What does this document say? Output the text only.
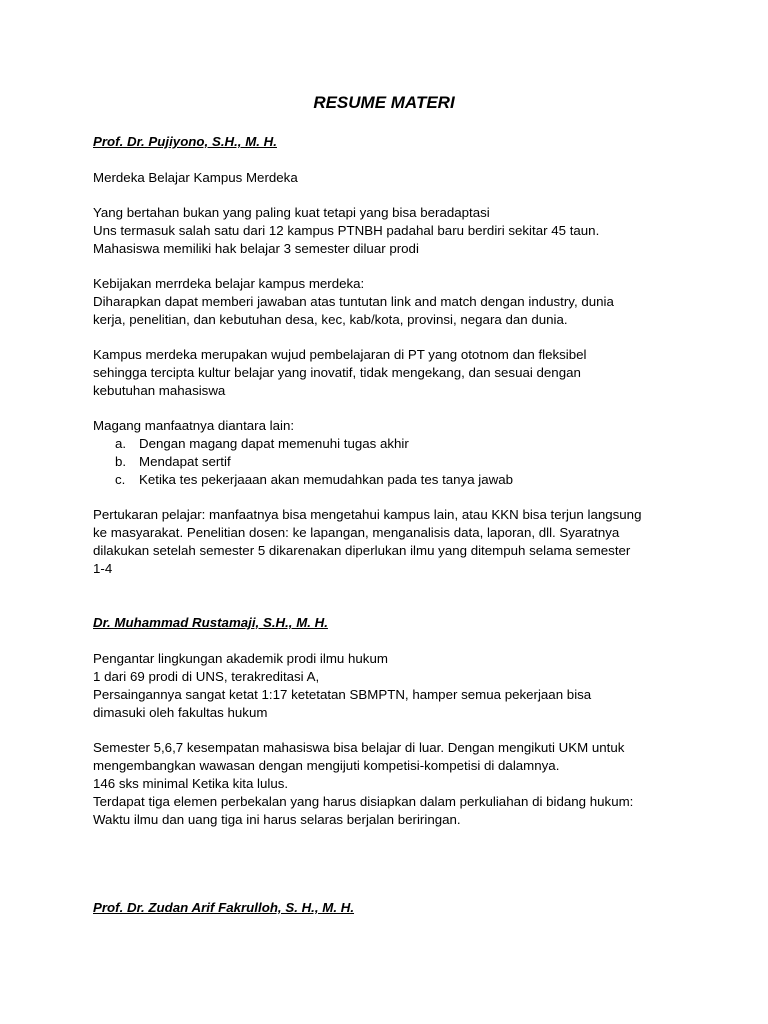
RESUME MATERI
Prof. Dr. Pujiyono, S.H., M. H.
Merdeka Belajar Kampus Merdeka
Yang bertahan bukan yang paling kuat tetapi yang bisa beradaptasi
Uns termasuk salah satu dari 12 kampus PTNBH padahal baru berdiri sekitar 45 taun.
Mahasiswa memiliki hak belajar 3 semester diluar prodi
Kebijakan merrdeka belajar kampus merdeka:
Diharapkan dapat memberi jawaban atas tuntutan link and match dengan industry, dunia
kerja, penelitian, dan kebutuhan desa, kec, kab/kota, provinsi, negara dan dunia.
Kampus merdeka merupakan wujud pembelajaran di PT yang ototnom dan fleksibel
sehingga tercipta kultur belajar yang inovatif, tidak mengekang, dan sesuai dengan
kebutuhan mahasiswa
Magang manfaatnya diantara lain:
a. Dengan magang dapat memenuhi tugas akhir
b. Mendapat sertif
c. Ketika tes pekerjaaan akan memudahkan pada tes tanya jawab
Pertukaran pelajar: manfaatnya bisa mengetahui kampus lain, atau KKN bisa terjun langsung
ke masyarakat. Penelitian dosen: ke lapangan, menganalisis data, laporan, dll. Syaratnya
dilakukan setelah semester 5 dikarenakan diperlukan ilmu yang ditempuh selama semester
1-4
Dr. Muhammad Rustamaji, S.H., M. H.
Pengantar lingkungan akademik prodi ilmu hukum
1 dari 69 prodi di UNS, terakreditasi A,
Persaingannya sangat ketat 1:17 ketetatan SBMPTN, hamper semua pekerjaan bisa
dimasuki oleh fakultas hukum
Semester 5,6,7 kesempatan mahasiswa bisa belajar di luar. Dengan mengikuti UKM untuk
mengembangkan wawasan dengan mengijuti kompetisi-kompetisi di dalamnya.
146 sks minimal Ketika kita lulus.
Terdapat tiga elemen perbekalan yang harus disiapkan dalam perkuliahan di bidang hukum:
Waktu ilmu dan uang tiga ini harus selaras berjalan beriringan.
Prof. Dr. Zudan Arif Fakrulloh, S. H., M. H.
